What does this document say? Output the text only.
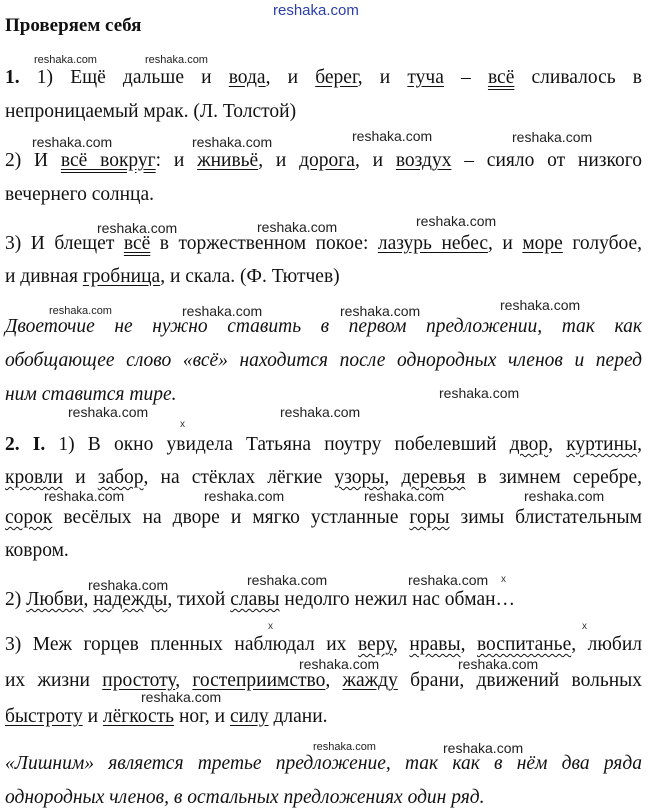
reshaka.com
Проверяем себя
reshaka.com	reshaka.com
1. 1) Ещё дальше и вода, и берег, и туча – всё сливалось в
непроницаемый мрак. (Л. Толстой)
reshaka.com	reshaka.com	reshaka.com	reshaka.com
2) И всё вокруг: и жнивьё, и дорога, и воздух – сияло от низкого
вечернего солнца.
reshaka.com	reshaka.com	reshaka.com
3) И блещет всё в торжественном покое: лазурь небес, и море голубое,
и дивная гробница, и скала. (Ф. Тютчев)
reshaka.com	reshaka.com	reshaka.com	reshaka.com
Двоеточие не нужно ставить в первом предложении, так как
обобщающее слово «всё» находится после однородных членов и перед
ним ставится тире.	reshaka.com
reshaka.com	reshaka.com
х
2. I. 1) В окно увидела Татьяна поутру побелевший двор, куртины,
кровли и забор, на стёклах лёгкие узоры, деревья в зимнем серебре,
reshaka.com	reshaka.com	reshaka.com	reshaka.com
сорок весёлых на дворе и мягко устланные горы зимы блистательным
ковром.
reshaka.com	reshaka.com	reshaka.com х
2) Любви, надежды, тихой славы недолго нежил нас обман…
х	х
3) Меж горцев пленных наблюдал их веру, нравы, воспитанье, любил
reshaka.com	reshaka.com
их жизни простоту, гостеприимство, жажду брани, движений вольных
reshaka.com
быстроту и лёгкость ног, и силу длани.
reshaka.com	reshaka.com
«Лишним» является третье предложение, так как в нём два ряда
однородных членов, в остальных предложениях один ряд.
